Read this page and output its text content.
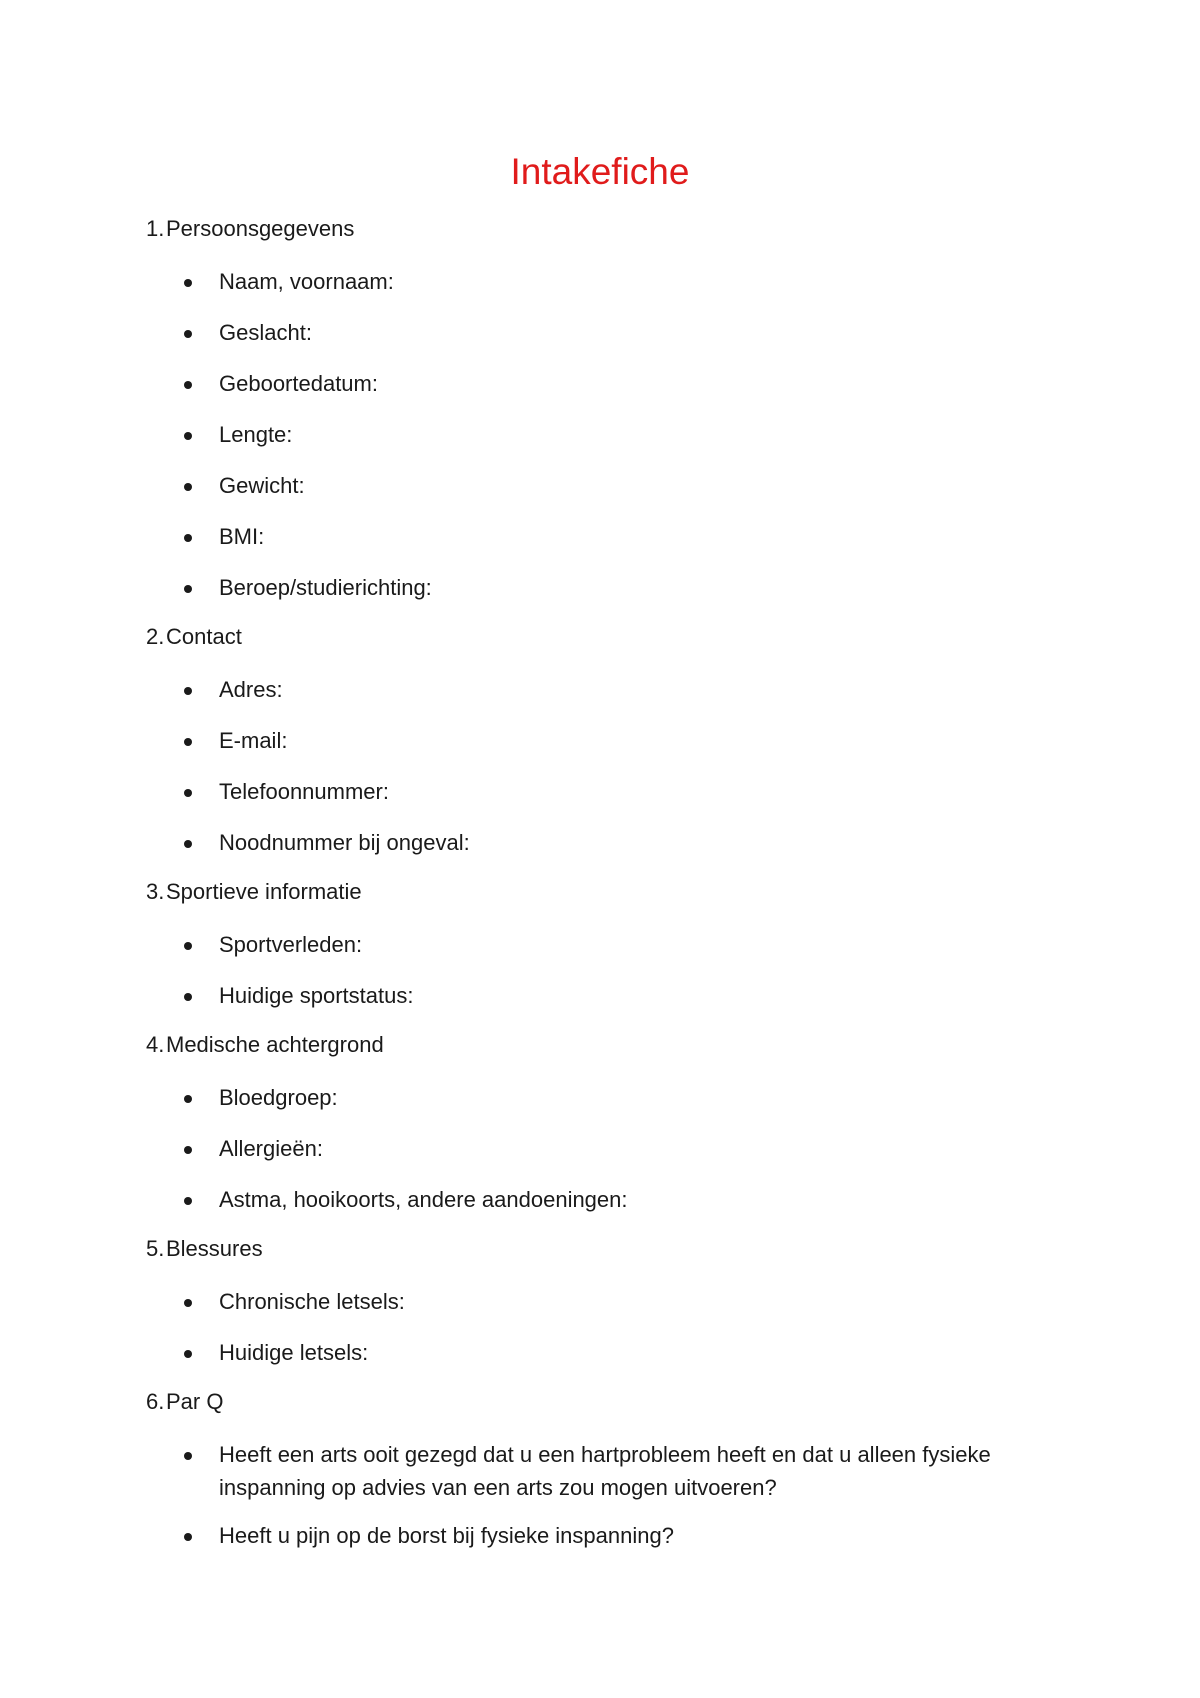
Intakefiche
1.Persoonsgegevens
Naam, voornaam:
Geslacht:
Geboortedatum:
Lengte:
Gewicht:
BMI:
Beroep/studierichting:
2.Contact
Adres:
E-mail:
Telefoonnummer:
Noodnummer bij ongeval:
3.Sportieve informatie
Sportverleden:
Huidige sportstatus:
4.Medische achtergrond
Bloedgroep:
Allergieën:
Astma, hooikoorts, andere aandoeningen:
5.Blessures
Chronische letsels:
Huidige letsels:
6.Par Q
Heeft een arts ooit gezegd dat u een hartprobleem heeft en dat u alleen fysieke inspanning op advies van een arts zou mogen uitvoeren?
Heeft u pijn op de borst bij fysieke inspanning?
